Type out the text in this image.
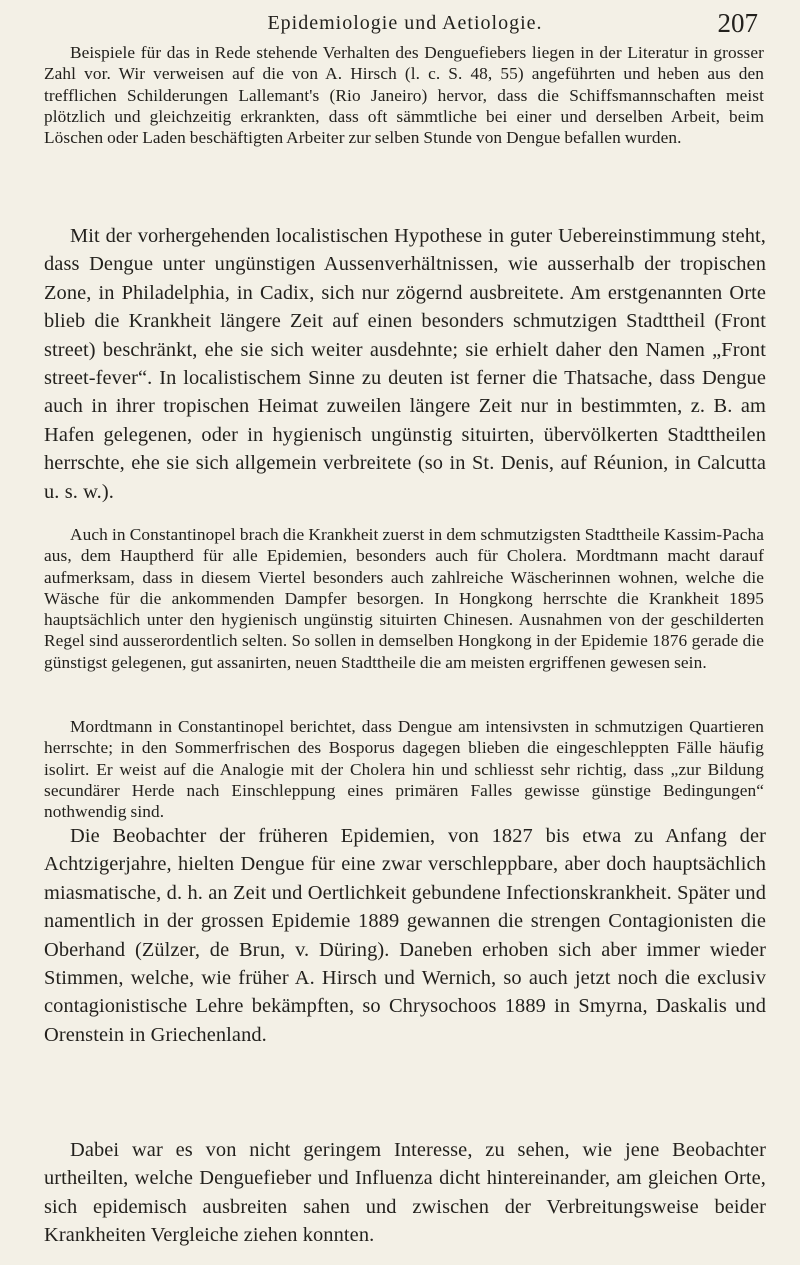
Epidemiologie und Aetiologie.	207

Beispiele für das in Rede stehende Verhalten des Denguefiebers liegen in der Literatur in grosser Zahl vor. Wir verweisen auf die von A. Hirsch (l. c. S. 48, 55) angeführten und heben aus den trefflichen Schilderungen Lallemant's (Rio Janeiro) hervor, dass die Schiffsmannschaften meist plötzlich und gleichzeitig erkrankten, dass oft sämmtliche bei einer und derselben Arbeit, beim Löschen oder Laden beschäftigten Arbeiter zur selben Stunde von Dengue befallen wurden.

Mit der vorhergehenden localistischen Hypothese in guter Uebereinstimmung steht, dass Dengue unter ungünstigen Aussenverhältnissen, wie ausserhalb der tropischen Zone, in Philadelphia, in Cadix, sich nur zögernd ausbreitete. Am erstgenannten Orte blieb die Krankheit längere Zeit auf einen besonders schmutzigen Stadttheil (Front street) beschränkt, ehe sie sich weiter ausdehnte; sie erhielt daher den Namen „Front street-fever“. In localistischem Sinne zu deuten ist ferner die Thatsache, dass Dengue auch in ihrer tropischen Heimat zuweilen längere Zeit nur in bestimmten, z. B. am Hafen gelegenen, oder in hygienisch ungünstig situirten, übervölkerten Stadttheilen herrschte, ehe sie sich allgemein verbreitete (so in St. Denis, auf Réunion, in Calcutta u. s. w.).

Auch in Constantinopel brach die Krankheit zuerst in dem schmutzigsten Stadttheile Kassim-Pacha aus, dem Hauptherd für alle Epidemien, besonders auch für Cholera. Mordtmann macht darauf aufmerksam, dass in diesem Viertel besonders auch zahlreiche Wäscherinnen wohnen, welche die Wäsche für die ankommenden Dampfer besorgen. In Hongkong herrschte die Krankheit 1895 hauptsächlich unter den hygienisch ungünstig situirten Chinesen. Ausnahmen von der geschilderten Regel sind ausserordentlich selten. So sollen in demselben Hongkong in der Epidemie 1876 gerade die günstigst gelegenen, gut assanirten, neuen Stadttheile die am meisten ergriffenen gewesen sein.

Mordtmann in Constantinopel berichtet, dass Dengue am intensivsten in schmutzigen Quartieren herrschte; in den Sommerfrischen des Bosporus dagegen blieben die eingeschleppten Fälle häufig isolirt. Er weist auf die Analogie mit der Cholera hin und schliesst sehr richtig, dass „zur Bildung secundärer Herde nach Einschleppung eines primären Falles gewisse günstige Bedingungen“ nothwendig sind.

Die Beobachter der früheren Epidemien, von 1827 bis etwa zu Anfang der Achtzigerjahre, hielten Dengue für eine zwar verschleppbare, aber doch hauptsächlich miasmatische, d. h. an Zeit und Oertlichkeit gebundene Infectionskrankheit. Später und namentlich in der grossen Epidemie 1889 gewannen die strengen Contagionisten die Oberhand (Zülzer, de Brun, v. Düring). Daneben erhoben sich aber immer wieder Stimmen, welche, wie früher A. Hirsch und Wernich, so auch jetzt noch die exclusiv contagionistische Lehre bekämpften, so Chrysochoos 1889 in Smyrna, Daskalis und Orenstein in Griechenland.

Dabei war es von nicht geringem Interesse, zu sehen, wie jene Beobachter urtheilten, welche Denguefieber und Influenza dicht hintereinander, am gleichen Orte, sich epidemisch ausbreiten sahen und zwischen der Verbreitungsweise beider Krankheiten Vergleiche ziehen konnten.
